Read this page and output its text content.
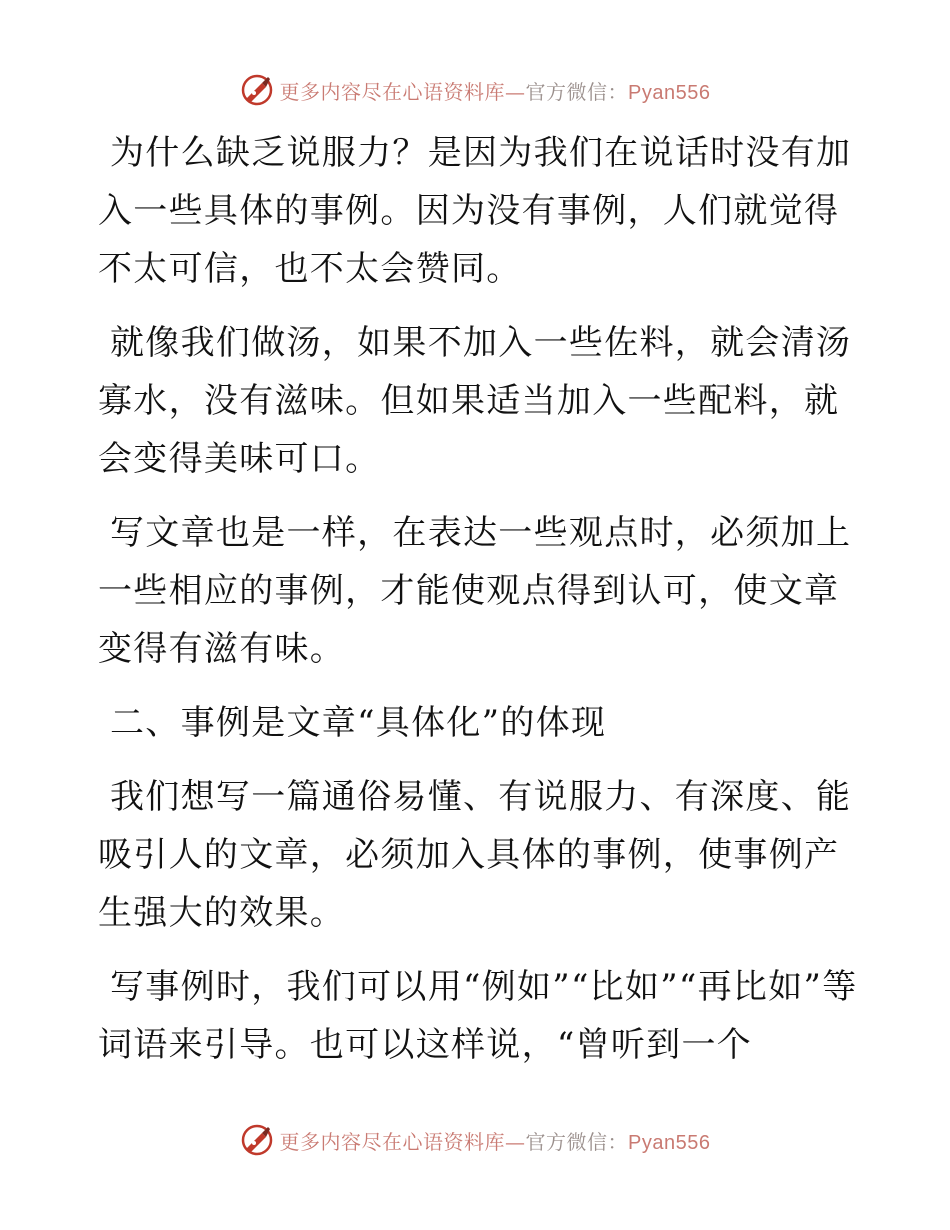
更多内容尽在心语资料库—官方微信：Pyan556

为什么缺乏说服力？是因为我们在说话时没有加入一些具体的事例。因为没有事例，人们就觉得不太可信，也不太会赞同。

就像我们做汤，如果不加入一些佐料，就会清汤寡水，没有滋味。但如果适当加入一些配料，就会变得美味可口。

写文章也是一样，在表达一些观点时，必须加上一些相应的事例，才能使观点得到认可，使文章变得有滋有味。

二、事例是文章“具体化”的体现

我们想写一篇通俗易懂、有说服力、有深度、能吸引人的文章，必须加入具体的事例，使事例产生强大的效果。

写事例时，我们可以用“例如”“比如”“再比如”等词语来引导。也可以这样说，“曾听到一个

更多内容尽在心语资料库—官方微信：Pyan556
